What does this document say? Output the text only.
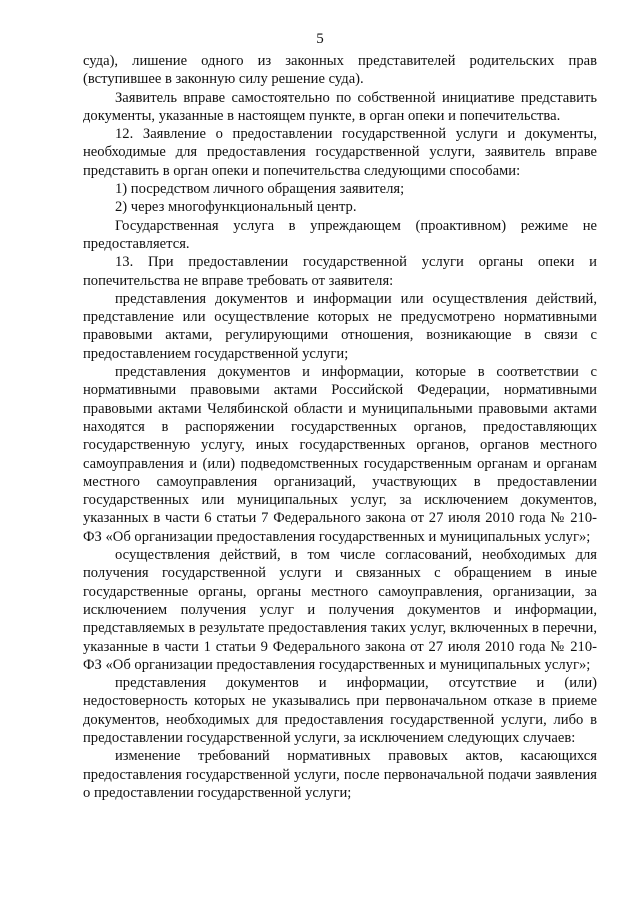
5

суда), лишение одного из законных представителей родительских прав (вступившее в законную силу решение суда).

Заявитель вправе самостоятельно по собственной инициативе представить документы, указанные в настоящем пункте, в орган опеки и попечительства.

12. Заявление о предоставлении государственной услуги и документы, необходимые для предоставления государственной услуги, заявитель вправе представить в орган опеки и попечительства следующими способами:

1) посредством личного обращения заявителя;

2) через многофункциональный центр.

Государственная услуга в упреждающем (проактивном) режиме не предоставляется.

13. При предоставлении государственной услуги органы опеки и попечительства не вправе требовать от заявителя:

представления документов и информации или осуществления действий, представление или осуществление которых не предусмотрено нормативными правовыми актами, регулирующими отношения, возникающие в связи с предоставлением государственной услуги;

представления документов и информации, которые в соответствии с нормативными правовыми актами Российской Федерации, нормативными правовыми актами Челябинской области и муниципальными правовыми актами находятся в распоряжении государственных органов, предоставляющих государственную услугу, иных государственных органов, органов местного самоуправления и (или) подведомственных государственным органам и органам местного самоуправления организаций, участвующих в предоставлении государственных или муниципальных услуг, за исключением документов, указанных в части 6 статьи 7 Федерального закона от 27 июля 2010 года № 210-ФЗ «Об организации предоставления государственных и муниципальных услуг»;

осуществления действий, в том числе согласований, необходимых для получения государственной услуги и связанных с обращением в иные государственные органы, органы местного самоуправления, организации, за исключением получения услуг и получения документов и информации, представляемых в результате предоставления таких услуг, включенных в перечни, указанные в части 1 статьи 9 Федерального закона от 27 июля 2010 года № 210-ФЗ «Об организации предоставления государственных и муниципальных услуг»;

представления документов и информации, отсутствие и (или) недостоверность которых не указывались при первоначальном отказе в приеме документов, необходимых для предоставления государственной услуги, либо в предоставлении государственной услуги, за исключением следующих случаев:

изменение требований нормативных правовых актов, касающихся предоставления государственной услуги, после первоначальной подачи заявления о предоставлении государственной услуги;
